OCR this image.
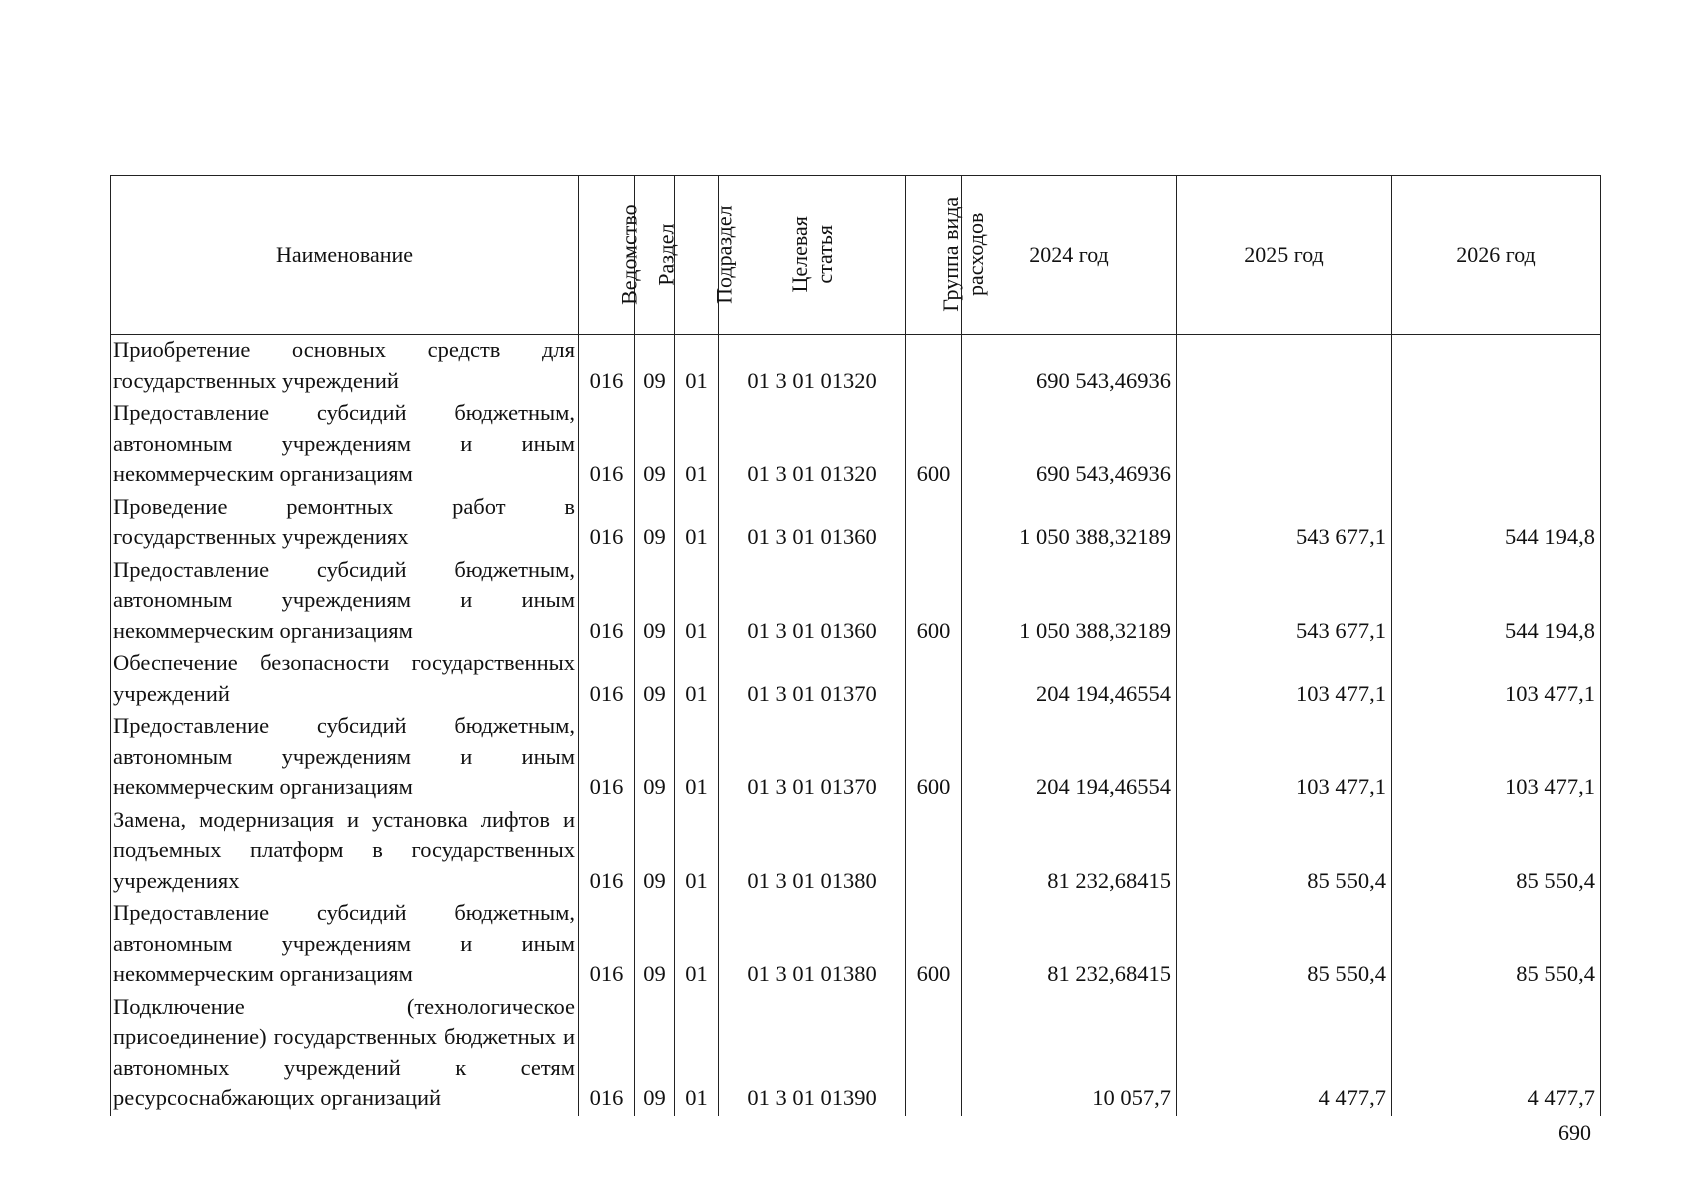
Наименование	Ведомство	Раздел	Подраздел	Целевая
статья	Группа вида
расходов	2024 год	2025 год	2026 год
Приобретение основных средств для государственных учреждений	016	09	01	01 3 01 01320		690 543,46936		
Предоставление субсидий бюджетным, автономным учреждениям и иным некоммерческим организациям	016	09	01	01 3 01 01320	600	690 543,46936		
Проведение ремонтных работ в государственных учреждениях	016	09	01	01 3 01 01360		1 050 388,32189	543 677,1	544 194,8
Предоставление субсидий бюджетным, автономным учреждениям и иным некоммерческим организациям	016	09	01	01 3 01 01360	600	1 050 388,32189	543 677,1	544 194,8
Обеспечение безопасности государственных учреждений	016	09	01	01 3 01 01370		204 194,46554	103 477,1	103 477,1
Предоставление субсидий бюджетным, автономным учреждениям и иным некоммерческим организациям	016	09	01	01 3 01 01370	600	204 194,46554	103 477,1	103 477,1
Замена, модернизация и установка лифтов и подъемных платформ в государственных учреждениях	016	09	01	01 3 01 01380		81 232,68415	85 550,4	85 550,4
Предоставление субсидий бюджетным, автономным учреждениям и иным некоммерческим организациям	016	09	01	01 3 01 01380	600	81 232,68415	85 550,4	85 550,4
Подключение (технологическое присоединение) государственных бюджетных и автономных учреждений к сетям ресурсоснабжающих организаций	016	09	01	01 3 01 01390		10 057,7	4 477,7	4 477,7
690
